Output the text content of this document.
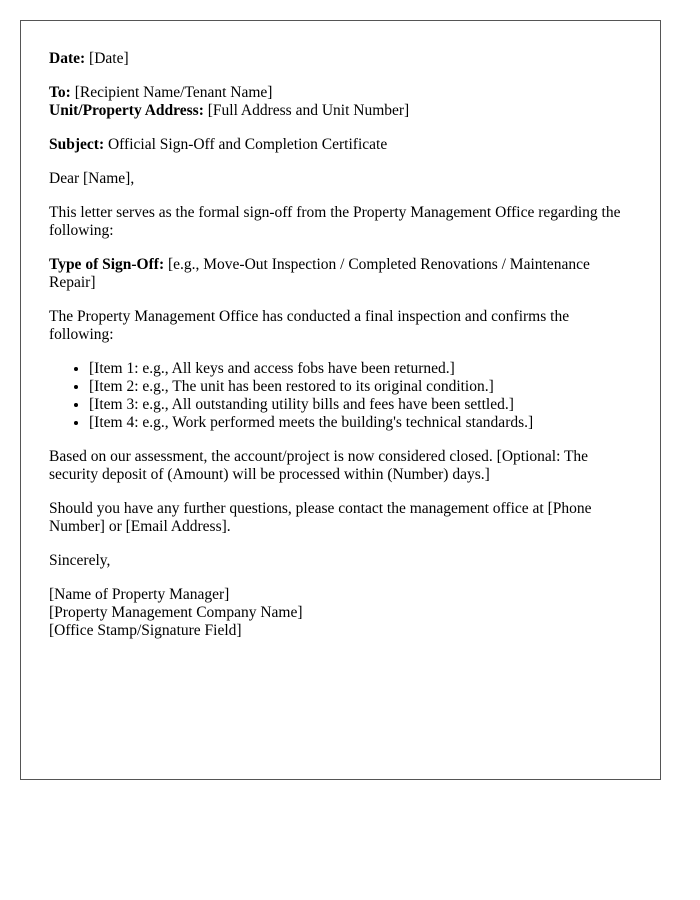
Date: [Date]
To: [Recipient Name/Tenant Name]
Unit/Property Address: [Full Address and Unit Number]
Subject: Official Sign-Off and Completion Certificate
Dear [Name],
This letter serves as the formal sign-off from the Property Management Office regarding the following:
Type of Sign-Off: [e.g., Move-Out Inspection / Completed Renovations / Maintenance Repair]
The Property Management Office has conducted a final inspection and confirms the following:
• [Item 1: e.g., All keys and access fobs have been returned.]
• [Item 2: e.g., The unit has been restored to its original condition.]
• [Item 3: e.g., All outstanding utility bills and fees have been settled.]
• [Item 4: e.g., Work performed meets the building's technical standards.]
Based on our assessment, the account/project is now considered closed. [Optional: The security deposit of (Amount) will be processed within (Number) days.]
Should you have any further questions, please contact the management office at [Phone Number] or [Email Address].
Sincerely,
[Name of Property Manager]
[Property Management Company Name]
[Office Stamp/Signature Field]
